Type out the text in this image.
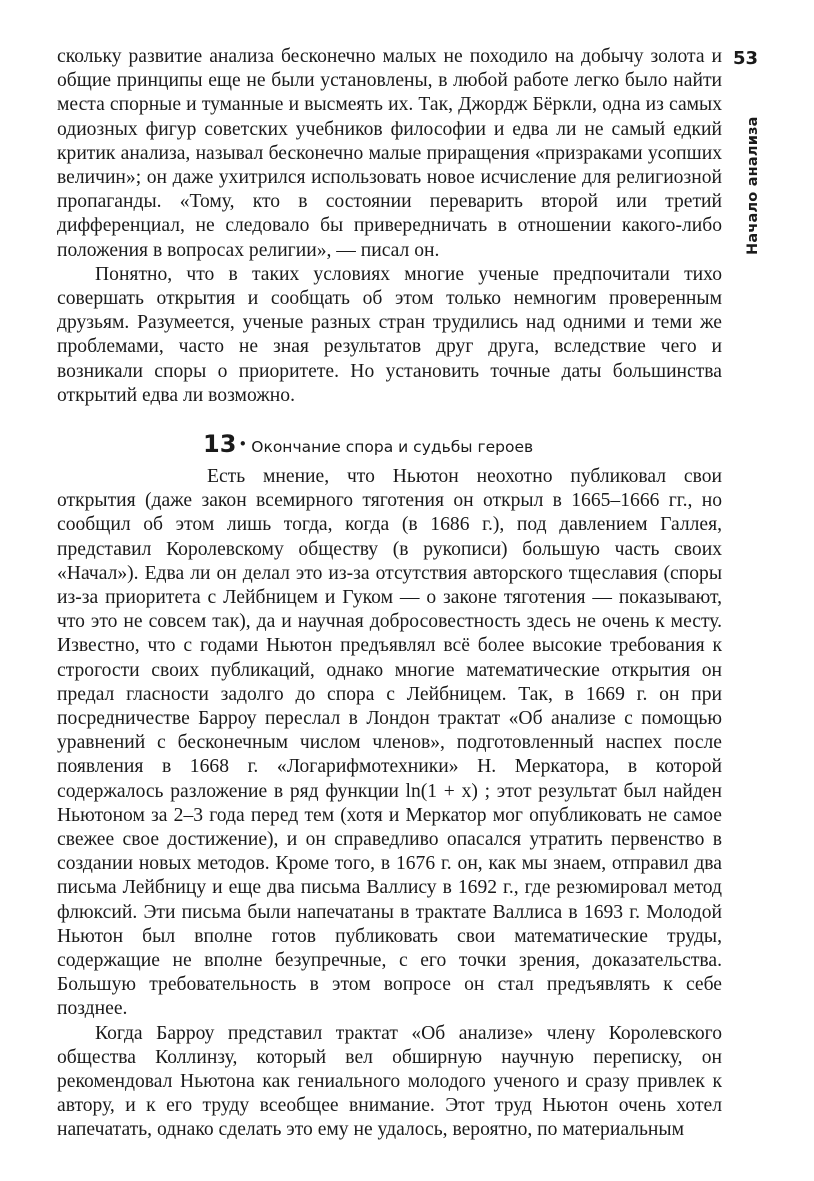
53
Начало анализа

скольку развитие анализа бесконечно малых не походило на добычу золота и общие принципы еще не были установлены, в любой работе легко было найти места спорные и туманные и высмеять их. Так, Джордж Бёркли, одна из самых одиозных фигур советских учебников философии и едва ли не самый едкий критик анализа, называл бесконечно малые приращения «призраками усопших величин»; он даже ухитрился использовать новое исчисление для религиозной пропаганды. «Тому, кто в состоянии переварить второй или третий дифференциал, не следовало бы привередничать в отношении какого-либо положения в вопросах религии», — писал он.

Понятно, что в таких условиях многие ученые предпочитали тихо совершать открытия и сообщать об этом только немногим проверенным друзьям. Разумеется, ученые разных стран трудились над одними и теми же проблемами, часто не зная результатов друг друга, вследствие чего и возникали споры о приоритете. Но установить точные даты большинства открытий едва ли возможно.

13 • Окончание спора и судьбы героев

Есть мнение, что Ньютон неохотно публиковал свои открытия (даже закон всемирного тяготения он открыл в 1665–1666 гг., но сообщил об этом лишь тогда, когда (в 1686 г.), под давлением Галлея, представил Королевскому обществу (в рукописи) большую часть своих «Начал»). Едва ли он делал это из-за отсутствия авторского тщеславия (споры из-за приоритета с Лейбницем и Гуком — о законе тяготения — показывают, что это не совсем так), да и научная добросовестность здесь не очень к месту. Известно, что с годами Ньютон предъявлял всё более высокие требования к строгости своих публикаций, однако многие математические открытия он предал гласности задолго до спора с Лейбницем. Так, в 1669 г. он при посредничестве Барроу переслал в Лондон трактат «Об анализе с помощью уравнений с бесконечным числом членов», подготовленный наспех после появления в 1668 г. «Логарифмотехники» Н. Меркатора, в которой содержалось разложение в ряд функции ln(1 + x) ; этот результат был найден Ньютоном за 2–3 года перед тем (хотя и Меркатор мог опубликовать не самое свежее свое достижение), и он справедливо опасался утратить первенство в создании новых методов. Кроме того, в 1676 г. он, как мы знаем, отправил два письма Лейбницу и еще два письма Валлису в 1692 г., где резюмировал метод флюксий. Эти письма были напечатаны в трактате Валлиса в 1693 г. Молодой Ньютон был вполне готов публиковать свои математические труды, содержащие не вполне безупречные, с его точки зрения, доказательства. Большую требовательность в этом вопросе он стал предъявлять к себе позднее.

Когда Барроу представил трактат «Об анализе» члену Королевского общества Коллинзу, который вел обширную научную переписку, он рекомендовал Ньютона как гениального молодого ученого и сразу привлек к автору, и к его труду всеобщее внимание. Этот труд Ньютон очень хотел напечатать, однако сделать это ему не удалось, вероятно, по материальным
